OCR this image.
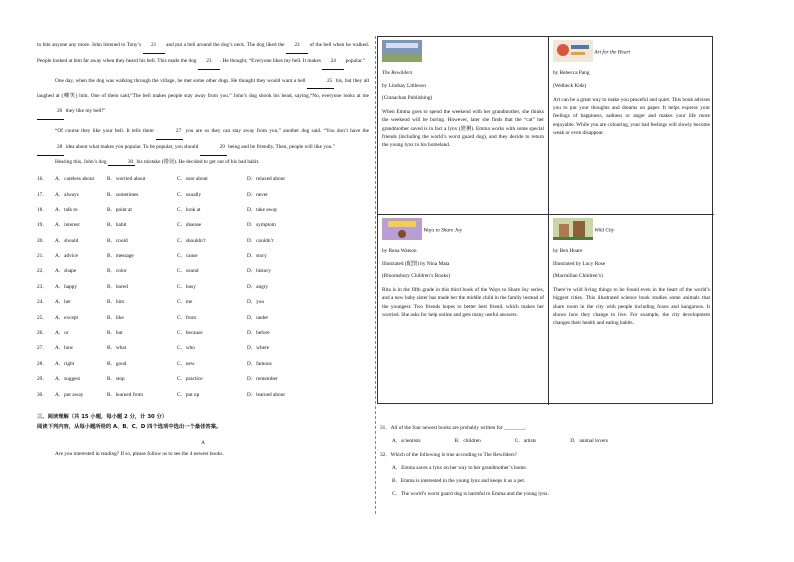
to bite anyone any more. John listened to Tony’s 21 and put a bell around the dog’s neck. The dog liked the 22 of the bell when he walked. People looked at him far away when they heard his bell. This made the dog 23 . He thought, “Everyone likes my bell. It makes 24 popular.”

One day, when the dog was walking through the village, he met some other dogs. He thought they would want a bell	25 his, but they all laughed at (嘲笑) him. One of them said,“The bell makes people stay away from you.” John’s dog shook his head, saying,“No, everyone looks at me 26 they like my bell!”

“Of course they like your bell. It tells them	27 you are so they can stay away from you,” another dog said. “You don’t have the 28 idea about what makes you popular. To be popular, you should	29 being and be friendly. Then, people will like you.”

Hearing this, John’s dog	30 his mistake (错误). He decided to get out of his bad habit.

16．	A．careless about	B．worried about	C．sure about	D．relaxed about
17．	A．always	B．sometimes	C．usually	D．never
18．	A．talk to	B．point at	C．look at	D．take away
19．	A．interest	B．habit	C．disease	D．symptom
20．	A．should	B．could	C．shouldn’t	D．couldn’t
21．	A．advice	B．message	C．cause	D．story
22．	A．shape	B．color	C．sound	D．history
23．	A．happy	B．bored	C．busy	D．angry
24．	A．her	B．him	C．me	D．you
25．	A．except	B．like	C．from	D．under
26．	A．or	B．but	C．because	D．before
27．	A．how	B．what	C．who	D．where
28．	A．right	B．good	C．new	D．famous
29．	A．suggest	B．stop	C．practice	D．remember
30．	A．put away	B．learned from	C．put up	D．learned about
三、阅读理解（共 15 小题，每小题 2 分，计 30 分）
阅读下列内容，从每小题所给的 A、B、C、D 四个选项中选出一个最佳答案。
A
Are you interested in reading? If so, please follow us to see the 4 newest books.

The Rewilders

by Lindsay Littleson

(Cranachan Publishing)

When Emma goes to spend the weekend with her grandmother, she thinks the weekend will be boring. However, later she finds that the “cat” her grandmother saved is in fact a lynx (猞猁). Emma works with some special friends (including the world’s worst guard dog), and they decide to return the young lynx to his homeland.

Art for the Heart

by Rebecca Pang

(Welbeck Kids)

Art can be a great way to make you peaceful and quiet. This book advises you to put your thoughts and dreams on paper. It helps express your feelings of happiness, sadness or anger and makes your life more enjoyable. While you are colouring, your bad feelings will slowly become weak or even disappear.

Ways to Share Joy

by Rena Watson

Illustrated (配图) by Nina Mata

(Bloomsbury Children’s Books)

Rita is in the fifth grade in this third book of the Ways to Share Joy series, and a new baby sister has made her the middle child in the family instead of the youngest. Two friends hopes to better best friend, which makes her worried. She asks for help online and gets many useful answers.

Wild City

by Ben Hoare

Illustrated by Lucy Rose

(Macmillan Children’s)

There’re wild living things to be found even in the heart of the world’s biggest cities. This illustrated science book studies some animals that share room in the city with people including foxes and kangaroos. It shows how they change to live. For example, the city development changes their health and eating habits.

31．All of the four newest books are probably written for ________.
A．scientists	B．children	C．artists	D．animal lovers
32．Which of the following is true according to The Rewilders?
A．Emma saves a lynx on her way to her grandmother’s home.
B．Emma is interested in the young lynx and keeps it as a pet.
C．The world’s worst guard dog is harmful to Emma and the young lynx.
